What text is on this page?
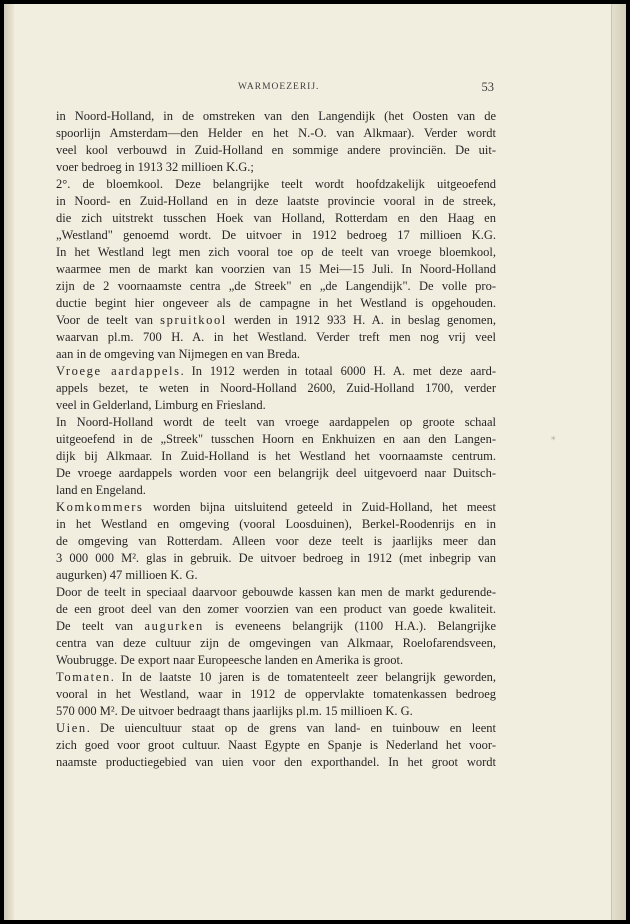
WARMOEZERIJ.	53
in Noord-Holland, in de omstreken van den Langendijk (het Oosten van de
spoorlijn Amsterdam—den Helder en het N.-O. van Alkmaar). Verder wordt
veel kool verbouwd in Zuid-Holland en sommige andere provinciën. De uit-
voer bedroeg in 1913 32 millioen K.G.;
2°. de bloemkool. Deze belangrijke teelt wordt hoofdzakelijk uitgeoefend
in Noord- en Zuid-Holland en in deze laatste provincie vooral in de streek,
die zich uitstrekt tusschen Hoek van Holland, Rotterdam en den Haag en
„Westland" genoemd wordt. De uitvoer in 1912 bedroeg 17 millioen K.G.
In het Westland legt men zich vooral toe op de teelt van vroege bloemkool,
waarmee men de markt kan voorzien van 15 Mei—15 Juli. In Noord-Holland
zijn de 2 voornaamste centra „de Streek" en „de Langendijk". De volle pro-
ductie begint hier ongeveer als de campagne in het Westland is opgehouden.
Voor de teelt van spruitkool werden in 1912 933 H. A. in beslag genomen,
waarvan pl.m. 700 H. A. in het Westland. Verder treft men nog vrij veel
aan in de omgeving van Nijmegen en van Breda.
Vroege aardappels. In 1912 werden in totaal 6000 H. A. met deze aard-
appels bezet, te weten in Noord-Holland 2600, Zuid-Holland 1700, verder
veel in Gelderland, Limburg en Friesland.
In Noord-Holland wordt de teelt van vroege aardappelen op groote schaal
uitgeoefend in de „Streek" tusschen Hoorn en Enkhuizen en aan den Langen-
dijk bij Alkmaar. In Zuid-Holland is het Westland het voornaamste centrum.
De vroege aardappels worden voor een belangrijk deel uitgevoerd naar Duitsch-
land en Engeland.
Komkommers worden bijna uitsluitend geteeld in Zuid-Holland, het meest
in het Westland en omgeving (vooral Loosduinen), Berkel-Roodenrijs en in
de omgeving van Rotterdam. Alleen voor deze teelt is jaarlijks meer dan
3 000 000 M². glas in gebruik. De uitvoer bedroeg in 1912 (met inbegrip van
augurken) 47 millioen K. G.
Door de teelt in speciaal daarvoor gebouwde kassen kan men de markt gedurende-
de een groot deel van den zomer voorzien van een product van goede kwaliteit.
De teelt van augurken is eveneens belangrijk (1100 H.A.). Belangrijke
centra van deze cultuur zijn de omgevingen van Alkmaar, Roelofarendsveen,
Woubrugge. De export naar Europeesche landen en Amerika is groot.
Tomaten. In de laatste 10 jaren is de tomatenteelt zeer belangrijk geworden,
vooral in het Westland, waar in 1912 de oppervlakte tomatenkassen bedroeg
570 000 M². De uitvoer bedraagt thans jaarlijks pl.m. 15 millioen K. G.
Uien. De uiencultuur staat op de grens van land- en tuinbouw en leent
zich goed voor groot cultuur. Naast Egypte en Spanje is Nederland het voor-
naamste productiegebied van uien voor den exporthandel. In het groot wordt
*
